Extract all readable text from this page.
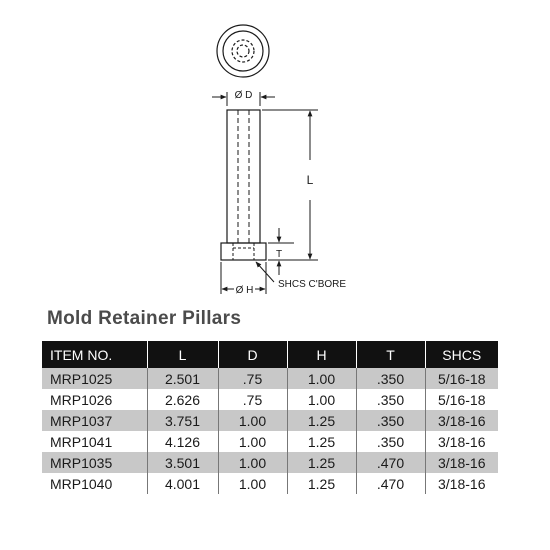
Ø D
L
T
SHCS C'BORE
Ø H
Mold Retainer Pillars
ITEM NO.	L	D	H	T	SHCS
MRP1025	2.501	.75	1.00	.350	5/16-18
MRP1026	2.626	.75	1.00	.350	5/16-18
MRP1037	3.751	1.00	1.25	.350	3/18-16
MRP1041	4.126	1.00	1.25	.350	3/18-16
MRP1035	3.501	1.00	1.25	.470	3/18-16
MRP1040	4.001	1.00	1.25	.470	3/18-16
